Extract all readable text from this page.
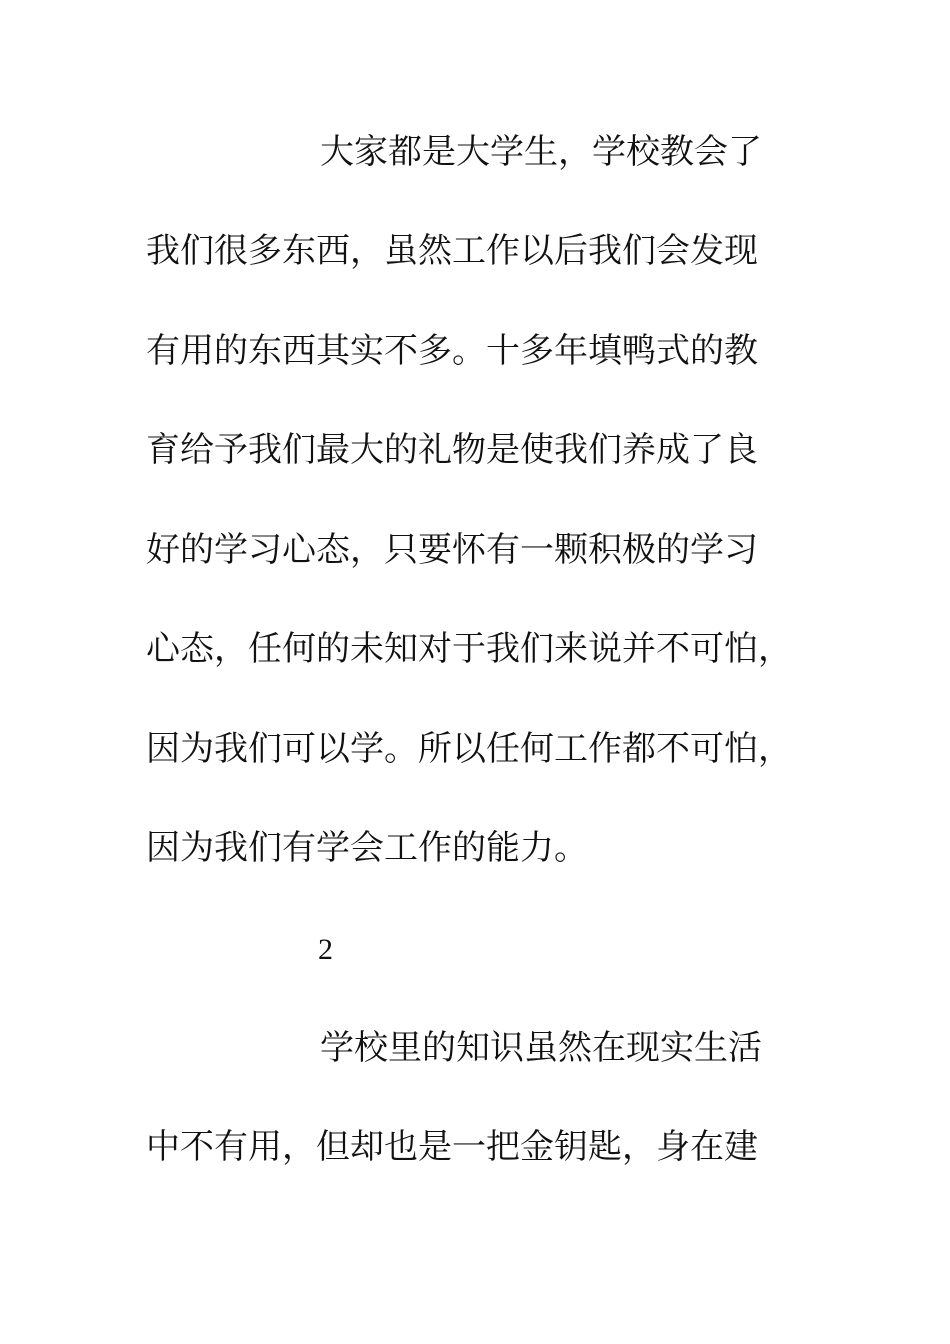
大家都是大学生，学校教会了
我们很多东西，虽然工作以后我们会发现
有用的东西其实不多。十多年填鸭式的教
育给予我们最大的礼物是使我们养成了良
好的学习心态，只要怀有一颗积极的学习
心态，任何的未知对于我们来说并不可怕，
因为我们可以学。所以任何工作都不可怕，
因为我们有学会工作的能力。
2
学校里的知识虽然在现实生活
中不有用，但却也是一把金钥匙，身在建
